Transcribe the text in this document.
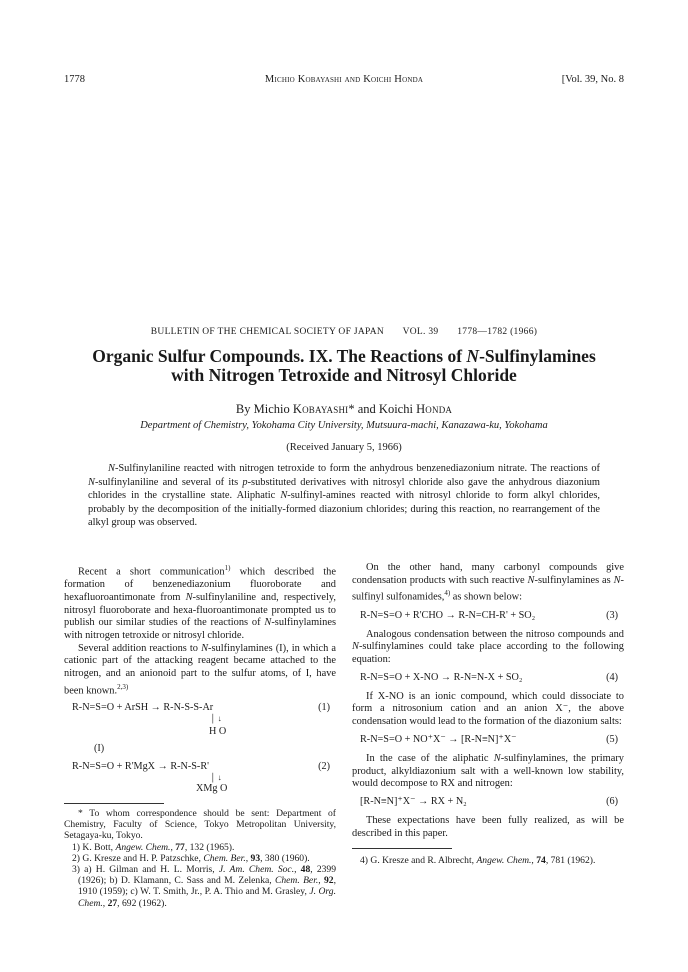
1778	Michio Kobayashi and Koichi Honda	[Vol. 39, No. 8
BULLETIN OF THE CHEMICAL SOCIETY OF JAPAN VOL. 39 1778—1782 (1966)
Organic Sulfur Compounds. IX. The Reactions of N-Sulfinylamines
with Nitrogen Tetroxide and Nitrosyl Chloride
By Michio Kobayashi* and Koichi Honda
Department of Chemistry, Yokohama City University, Mutsuura-machi, Kanazawa-ku, Yokohama
(Received January 5, 1966)
N-Sulfinylaniline reacted with nitrogen tetroxide to form the anhydrous benzenediazonium nitrate. The reactions of N-sulfinylaniline and several of its p-substituted derivatives with nitrosyl chloride also gave the anhydrous diazonium chlorides in the crystalline state. Aliphatic N-sulfinyl-amines reacted with nitrosyl chloride to form alkyl chlorides, probably by the decomposition of the initially-formed diazonium chlorides; during this reaction, no rearrangement of the alkyl group was observed.

Recent a short communication$^{1)}$ which described the formation of benzenediazonium fluoroborate and hexafluoroantimonate from N-sulfinylaniline and, respectively, nitrosyl fluoroborate and hexa-fluoroantimonate prompted us to publish our similar studies of the reactions of N-sulfinylamines with nitrogen tetroxide or nitrosyl chloride.

Several addition reactions to N-sulfinylamines (I), in which a cationic part of the attacking reagent became attached to the nitrogen, and an anionoid part to the sulfur atoms, of I, have been known.$^{2,3)}$

R-N=S=O + ArSH → R-N-S-S-Ar	(1)
│ ↓
H O
(I)
R-N=S=O + R'MgX → R-N-S-R'	(2)
│ ↓
XMg O

* To whom correspondence should be sent: Department of Chemistry, Faculty of Science, Tokyo Metropolitan University, Setagaya-ku, Tokyo.

1) K. Bott, Angew. Chem., 77, 132 (1965).

2) G. Kresze and H. P. Patzschke, Chem. Ber., 93, 380 (1960).

3) a) H. Gilman and H. L. Morris, J. Am. Chem. Soc., 48, 2399 (1926); b) D. Klamann, C. Sass and M. Zelenka, Chem. Ber., 92, 1910 (1959); c) W. T. Smith, Jr., P. A. Thio and M. Grasley, J. Org. Chem., 27, 692 (1962).

On the other hand, many carbonyl compounds give condensation products with such reactive N-sulfinylamines as N-sulfinyl sulfonamides,$^{4)}$ as shown below:

R-N=S=O + R'CHO → R-N=CH-R' + SO₂	(3)

Analogous condensation between the nitroso compounds and N-sulfinylamines could take place according to the following equation:

R-N=S=O + X-NO → R-N=N-X + SO₂	(4)

If X-NO is an ionic compound, which could dissociate to form a nitrosonium cation and an anion X⁻, the above condensation would lead to the formation of the diazonium salts:

R-N=S=O + NO⁺X⁻ → [R-N≡N]⁺X⁻	(5)

In the case of the aliphatic N-sulfinylamines, the primary product, alkyldiazonium salt with a well-known low stability, would decompose to RX and nitrogen:

[R-N≡N]⁺X⁻ → RX + N₂	(6)

These expectations have been fully realized, as will be described in this paper.

4) G. Kresze and R. Albrecht, Angew. Chem., 74, 781 (1962).
